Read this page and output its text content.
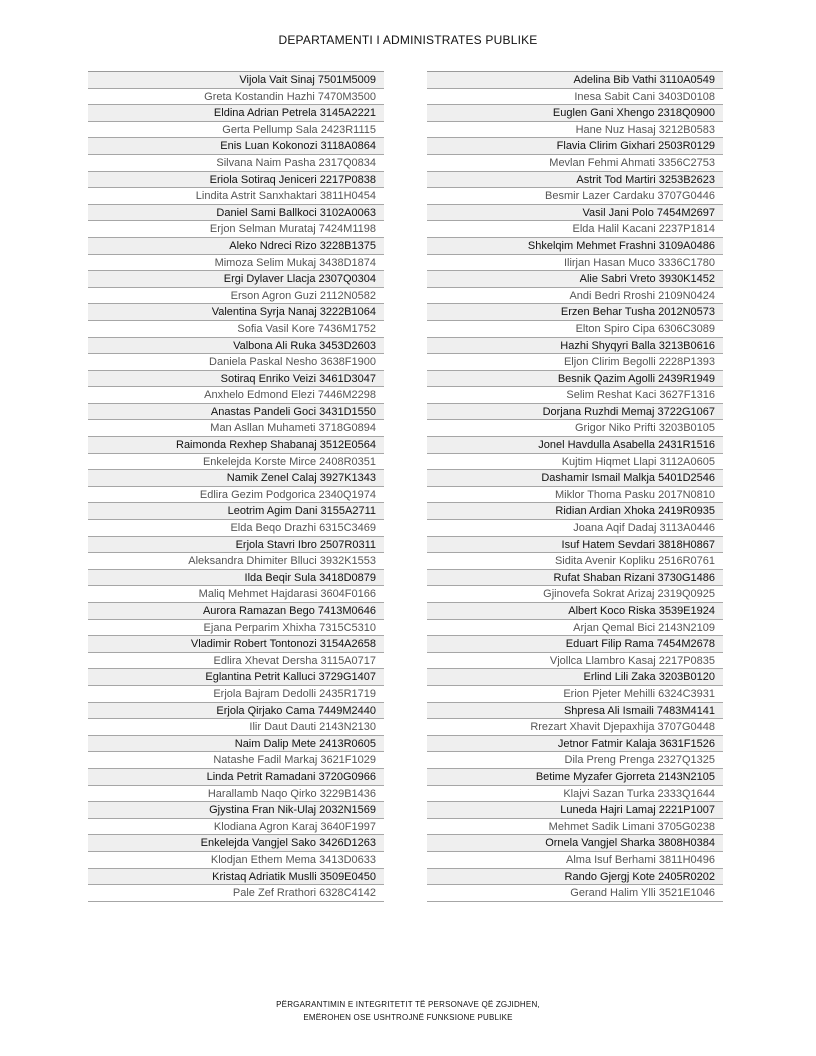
DEPARTAMENTI I ADMINISTRATES PUBLIKE
Vijola Vait Sinaj 7501M5009
Greta Kostandin Hazhi 7470M3500
Eldina Adrian Petrela 3145A2221
Gerta Pellump Sala 2423R1115
Enis Luan Kokonozi 3118A0864
Silvana Naim Pasha 2317Q0834
Eriola Sotiraq Jeniceri 2217P0838
Lindita Astrit Sanxhaktari 3811H0454
Daniel Sami Ballkoci 3102A0063
Erjon Selman Murataj 7424M1198
Aleko Ndreci Rizo 3228B1375
Mimoza Selim Mukaj 3438D1874
Ergi Dylaver Llacja 2307Q0304
Erson Agron Guzi 2112N0582
Valentina Syrja Nanaj 3222B1064
Sofia Vasil Kore 7436M1752
Valbona Ali Ruka 3453D2603
Daniela Paskal Nesho 3638F1900
Sotiraq Enriko Veizi 3461D3047
Anxhelo Edmond Elezi 7446M2298
Anastas Pandeli Goci 3431D1550
Man Asllan Muhameti 3718G0894
Raimonda Rexhep Shabanaj 3512E0564
Enkelejda Korste Mirce 2408R0351
Namik Zenel Calaj 3927K1343
Edlira Gezim Podgorica 2340Q1974
Leotrim Agim Dani 3155A2711
Elda Beqo Drazhi 6315C3469
Erjola Stavri Ibro 2507R0311
Aleksandra Dhimiter Blluci 3932K1553
Ilda Beqir Sula 3418D0879
Maliq Mehmet Hajdarasi 3604F0166
Aurora Ramazan Bego 7413M0646
Ejana Perparim Xhixha 7315C5310
Vladimir Robert Tontonozi 3154A2658
Edlira Xhevat Dersha 3115A0717
Eglantina Petrit Kalluci 3729G1407
Erjola Bajram Dedolli 2435R1719
Erjola Qirjako Cama 7449M2440
Ilir Daut Dauti 2143N2130
Naim Dalip Mete 2413R0605
Natashe Fadil Markaj 3621F1029
Linda Petrit Ramadani 3720G0966
Harallamb Naqo Qirko 3229B1436
Gjystina Fran Nik-Ulaj 2032N1569
Klodiana Agron Karaj 3640F1997
Enkelejda Vangjel Sako 3426D1263
Klodjan Ethem Mema 3413D0633
Kristaq Adriatik Muslli 3509E0450
Pale Zef Rrathori 6328C4142
Adelina Bib Vathi 3110A0549
Inesa Sabit Cani 3403D0108
Euglen Gani Xhengo 2318Q0900
Hane Nuz Hasaj 3212B0583
Flavia Clirim Gixhari 2503R0129
Mevlan Fehmi Ahmati 3356C2753
Astrit Tod Martiri 3253B2623
Besmir Lazer Cardaku 3707G0446
Vasil Jani Polo 7454M2697
Elda Halil Kacani 2237P1814
Shkelqim Mehmet Frashni 3109A0486
Ilirjan Hasan Muco 3336C1780
Alie Sabri Vreto 3930K1452
Andi Bedri Rroshi 2109N0424
Erzen Behar Tusha 2012N0573
Elton Spiro Cipa 6306C3089
Hazhi Shyqyri Balla 3213B0616
Eljon Clirim Begolli 2228P1393
Besnik Qazim Agolli 2439R1949
Selim Reshat Kaci 3627F1316
Dorjana Ruzhdi Memaj 3722G1067
Grigor Niko Prifti 3203B0105
Jonel Havdulla Asabella 2431R1516
Kujtim Hiqmet Llapi 3112A0605
Dashamir Ismail Malkja 5401D2546
Miklor Thoma Pasku 2017N0810
Ridian Ardian Xhoka 2419R0935
Joana Aqif Dadaj 3113A0446
Isuf Hatem Sevdari 3818H0867
Sidita Avenir Kopliku 2516R0761
Rufat Shaban Rizani 3730G1486
Gjinovefa Sokrat Arizaj 2319Q0925
Albert Koco Riska 3539E1924
Arjan Qemal Bici 2143N2109
Eduart Filip Rama 7454M2678
Vjollca Llambro Kasaj 2217P0835
Erlind Lili Zaka 3203B0120
Erion Pjeter Mehilli 6324C3931
Shpresa Ali Ismaili 7483M4141
Rrezart Xhavit Djepaxhija 3707G0448
Jetnor Fatmir Kalaja 3631F1526
Dila Preng Prenga 2327Q1325
Betime Myzafer Gjorreta 2143N2105
Klajvi Sazan Turka 2333Q1644
Luneda Hajri Lamaj 2221P1007
Mehmet Sadik Limani 3705G0238
Ornela Vangjel Sharka 3808H0384
Alma Isuf Berhami 3811H0496
Rando Gjergj Kote 2405R0202
Gerand Halim Ylli 3521E1046
PËRGARANTIMIN E INTEGRITETIT TË PERSONAVE QË ZGJIDHEN,
EMËROHEN OSE USHTROJNË FUNKSIONE PUBLIKE
